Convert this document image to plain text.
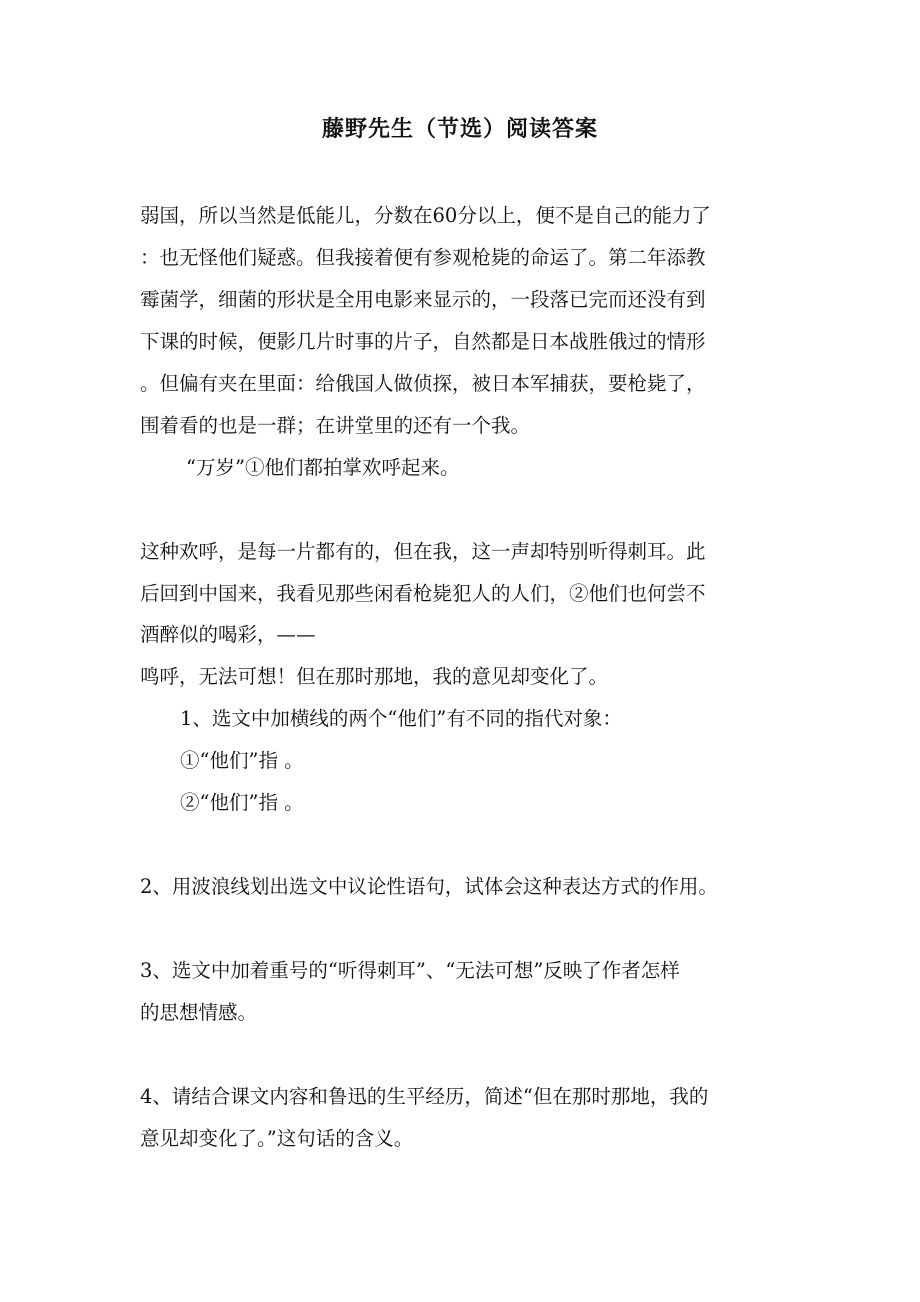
藤野先生（节选）阅读答案
弱国，所以当然是低能儿，分数在60分以上，便不是自己的能力了
：也无怪他们疑惑。但我接着便有参观枪毙的命运了。第二年添教
霉菌学，细菌的形状是全用电影来显示的，一段落已完而还没有到
下课的时候，便影几片时事的片子，自然都是日本战胜俄过的情形
。但偏有夹在里面：给俄国人做侦探，被日本军捕获，要枪毙了，
围着看的也是一群；在讲堂里的还有一个我。
“万岁”①他们都拍掌欢呼起来。
这种欢呼，是每一片都有的，但在我，这一声却特别听得刺耳。此
后回到中国来，我看见那些闲看枪毙犯人的人们，②他们也何尝不
酒醉似的喝彩，——
鸣呼，无法可想！但在那时那地，我的意见却变化了。
1、选文中加横线的两个“他们”有不同的指代对象：
①“他们”指 。
②“他们”指 。
2、用波浪线划出选文中议论性语句，试体会这种表达方式的作用。
3、选文中加着重号的“听得刺耳”、“无法可想”反映了作者怎样
的思想情感。
4、请结合课文内容和鲁迅的生平经历，简述“但在那时那地，我的
意见却变化了。”这句话的含义。
